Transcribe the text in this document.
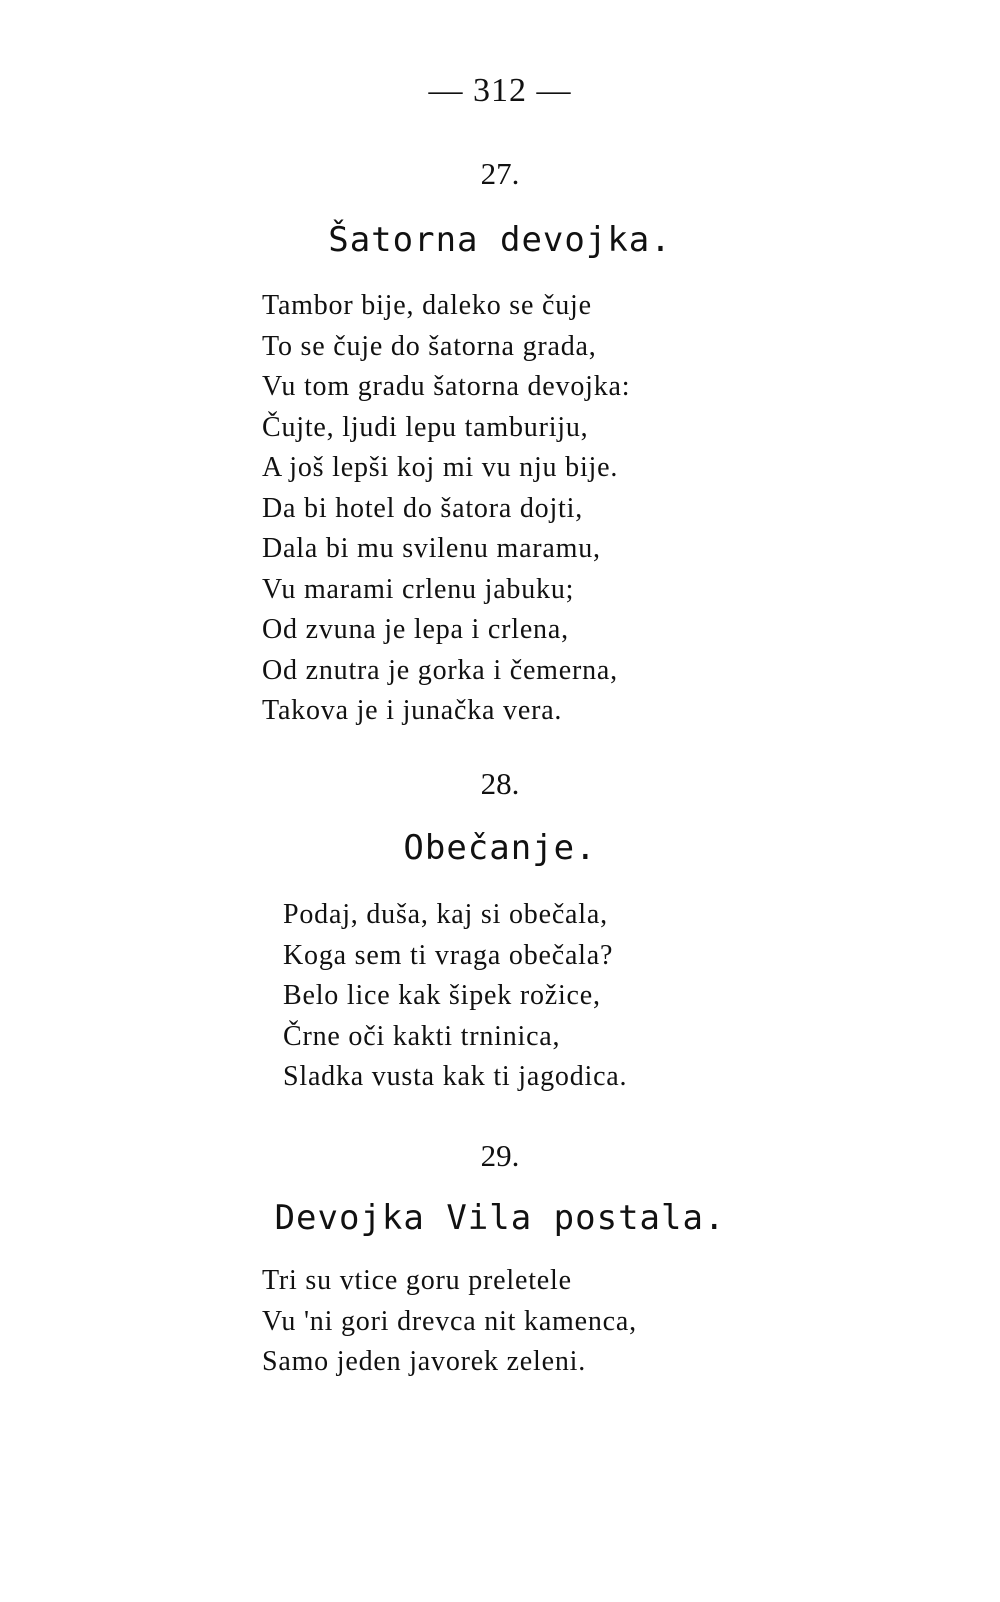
— 312 —
27.
Šatorna devojka.
Tambor bije, daleko se čuje
To se čuje do šatorna grada,
Vu tom gradu šatorna devojka:
Čujte, ljudi lepu tamburiju,
A još lepši koj mi vu nju bije.
Da bi hotel do šatora dojti,
Dala bi mu svilenu maramu,
Vu marami crlenu jabuku;
Od zvuna je lepa i crlena,
Od znutra je gorka i čemerna,
Takova je i junačka vera.
28.
Obečanje.
Podaj, duša, kaj si obečala,
Koga sem ti vraga obečala?
Belo lice kak šipek rožice,
Črne oči kakti trninica,
Sladka vusta kak ti jagodica.
29.
Devojka Vila postala.
Tri su vtice goru preletele
Vu 'ni gori drevca nit kamenca,
Samo jeden javorek zeleni.
